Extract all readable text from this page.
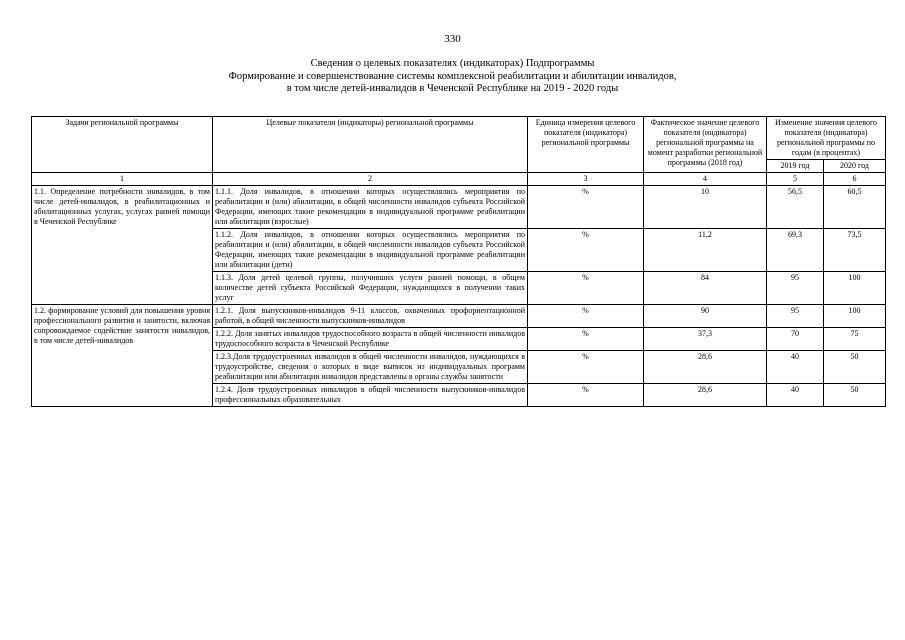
330
Сведения о целевых показателях (индикаторах) Подпрограммы
Формирование и совершенствование системы комплексной реабилитации и абилитации инвалидов,
в том числе детей-инвалидов в Чеченской Республике на 2019 - 2020 годы
Задачи региональной программы	Целевые показатели (индикаторы) региональной программы	Единица измерения целевого показателя (индикатора) региональной программы	Фактическое значение целевого показателя (индикатора) региональной программы на момент разработки региональной программы (2018 год)	Изменение значения целевого показателя (индикатора) региональной программы по годам (в процентах)	
				2019 год	2020 год
1	2	3	4	5	6
1.1. Определение потребности инвалидов, в том числе детей-инвалидов, в реабилитационных и абилитационных услугах, услугах ранней помощи в Чеченской Республике	1.1.1. Доля инвалидов, в отношении которых осуществлялись мероприятия по реабилитации и (или) абилитации, в общей численности инвалидов субъекта Российской Федерации, имеющих такие рекомендации в индивидуальной программе реабилитации или абилитации (взрослые)	%	10	56,5	60,5
	1.1.2. Доля инвалидов, в отношении которых осуществлялись мероприятия по реабилитации и (или) абилитации, в общей численности инвалидов субъекта Российской Федерации, имеющих такие рекомендации в индивидуальной программе реабилитации или абилитации (дети)	%	11,2	69,3	73,5
	1.1.3. Доля детей целевой группы, получивших услуги ранней помощи, в общем количестве детей субъекта Российской Федерации, нуждающихся в получении таких услуг	%	84	95	100
1.2. формирование условий для повышения уровня профессионального развития и занятости, включая сопровождаемое содействие занятости инвалидов, в том числе детей-инвалидов	1.2.1. Доля выпускников-инвалидов 9-11 классов, охваченных профориентационной работой, в общей численности выпускников-инвалидов	%	90	95	100
	1.2.2. Доля занятых инвалидов трудоспособного возраста в общей численности инвалидов трудоспособного возраста в Чеченской Республике	%	37,3	70	75
	1.2.3.Доля трудоустроенных инвалидов в общей численности инвалидов, нуждающихся в трудоустройстве, сведения о которых в виде выписок из индивидуальных программ реабилитации или абилитации инвалидов представлены в органы службы занятости	%	28,6	40	50
	1.2.4. Доля трудоустроенных инвалидов в общей численности выпускников-инвалидов профессиональных образовательных	%	28,6	40	50
